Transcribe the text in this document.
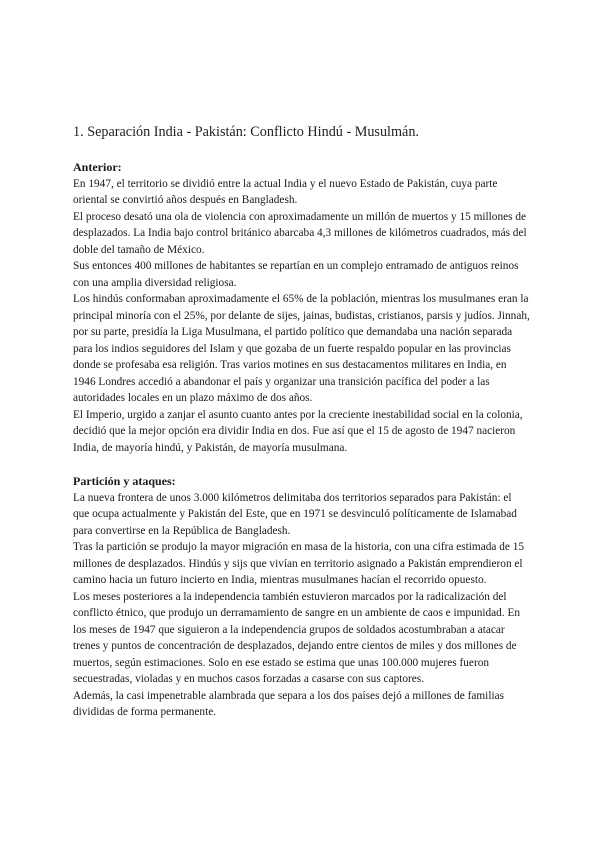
1. Separación India - Pakistán: Conflicto Hindú - Musulmán.

Anterior:

En 1947, el territorio se dividió entre la actual India y el nuevo Estado de Pakistán, cuya parte oriental se convirtió años después en Bangladesh.

El proceso desató una ola de violencia con aproximadamente un millón de muertos y 15 millones de desplazados. La India bajo control británico abarcaba 4,3 millones de kilómetros cuadrados, más del doble del tamaño de México.

Sus entonces 400 millones de habitantes se repartían en un complejo entramado de antiguos reinos con una amplia diversidad religiosa.

Los hindús conformaban aproximadamente el 65% de la población, mientras los musulmanes eran la principal minoría con el 25%, por delante de sijes, jainas, budistas, cristianos, parsis y judíos. Jinnah, por su parte, presidía la Liga Musulmana, el partido político que demandaba una nación separada para los indios seguidores del Islam y que gozaba de un fuerte respaldo popular en las provincias donde se profesaba esa religión. Tras varios motines en sus destacamentos militares en India, en 1946 Londres accedió a abandonar el país y organizar una transición pacífica del poder a las autoridades locales en un plazo máximo de dos años.

El Imperio, urgido a zanjar el asunto cuanto antes por la creciente inestabilidad social en la colonia, decidió que la mejor opción era dividir India en dos. Fue así que el 15 de agosto de 1947 nacieron India, de mayoría hindú, y Pakistán, de mayoría musulmana.

Partición y ataques:

La nueva frontera de unos 3.000 kilómetros delimitaba dos territorios separados para Pakistán: el que ocupa actualmente y Pakistán del Este, que en 1971 se desvinculó políticamente de Islamabad para convertirse en la República de Bangladesh.

Tras la partición se produjo la mayor migración en masa de la historia, con una cifra estimada de 15 millones de desplazados. Hindús y sijs que vivían en territorio asignado a Pakistán emprendieron el camino hacia un futuro incierto en India, mientras musulmanes hacían el recorrido opuesto.

Los meses posteriores a la independencia también estuvieron marcados por la radicalización del conflicto étnico, que produjo un derramamiento de sangre en un ambiente de caos e impunidad. En los meses de 1947 que siguieron a la independencia grupos de soldados acostumbraban a atacar trenes y puntos de concentración de desplazados, dejando entre cientos de miles y dos millones de muertos, según estimaciones. Solo en ese estado se estima que unas 100.000 mujeres fueron secuestradas, violadas y en muchos casos forzadas a casarse con sus captores.

Además, la casi impenetrable alambrada que separa a los dos países dejó a millones de familias divididas de forma permanente.
